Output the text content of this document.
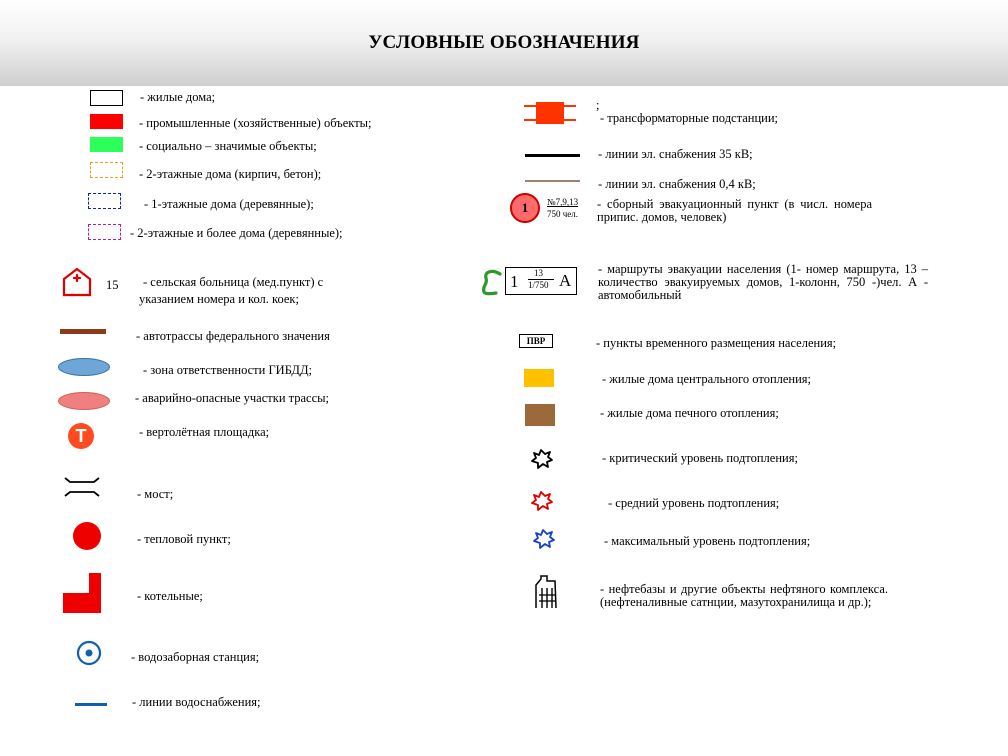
УСЛОВНЫЕ ОБОЗНАЧЕНИЯ
- жилые дома;
- промышленные (хозяйственные) объекты;
- социально – значимые объекты;
- 2-этажные дома (кирпич, бетон);
- 1-этажные дома (деревянные);
- 2-этажные и более дома (деревянные);
15 - сельская больница (мед.пункт) с
указанием номера и кол. коек;
- автотрассы федерального значения
- зона ответственности ГИБДД;
- аварийно-опасные участки трассы;
Т	- вертолётная площадка;
- мост;
- тепловой пункт;
- котельные;
- водозаборная станция;
- линии водоснабжения;
;
- трансформаторные подстанции;
- линии эл. снабжения 35 кВ;
- линии эл. снабжения 0,4 кВ;
1	№7,9,13
750 чел.
- сборный эвакуационный пункт (в числ. номера припис. домов, человек)
1 13
1/750 А
- маршруты эвакуации населения (1- номер маршрута, 13 – количество эвакуируемых домов, 1-колонн, 750 -)чел. А - автомобильный
ПВР	- пункты временного размещения населения;
- жилые дома центрального отопления;
- жилые дома печного отопления;
- критический уровень подтопления;
- средний уровень подтопления;
- максимальный уровень подтопления;
- нефтебазы и другие объекты нефтяного комплекса. (нефтеналивные сатнции, мазутохранилища и др.);
